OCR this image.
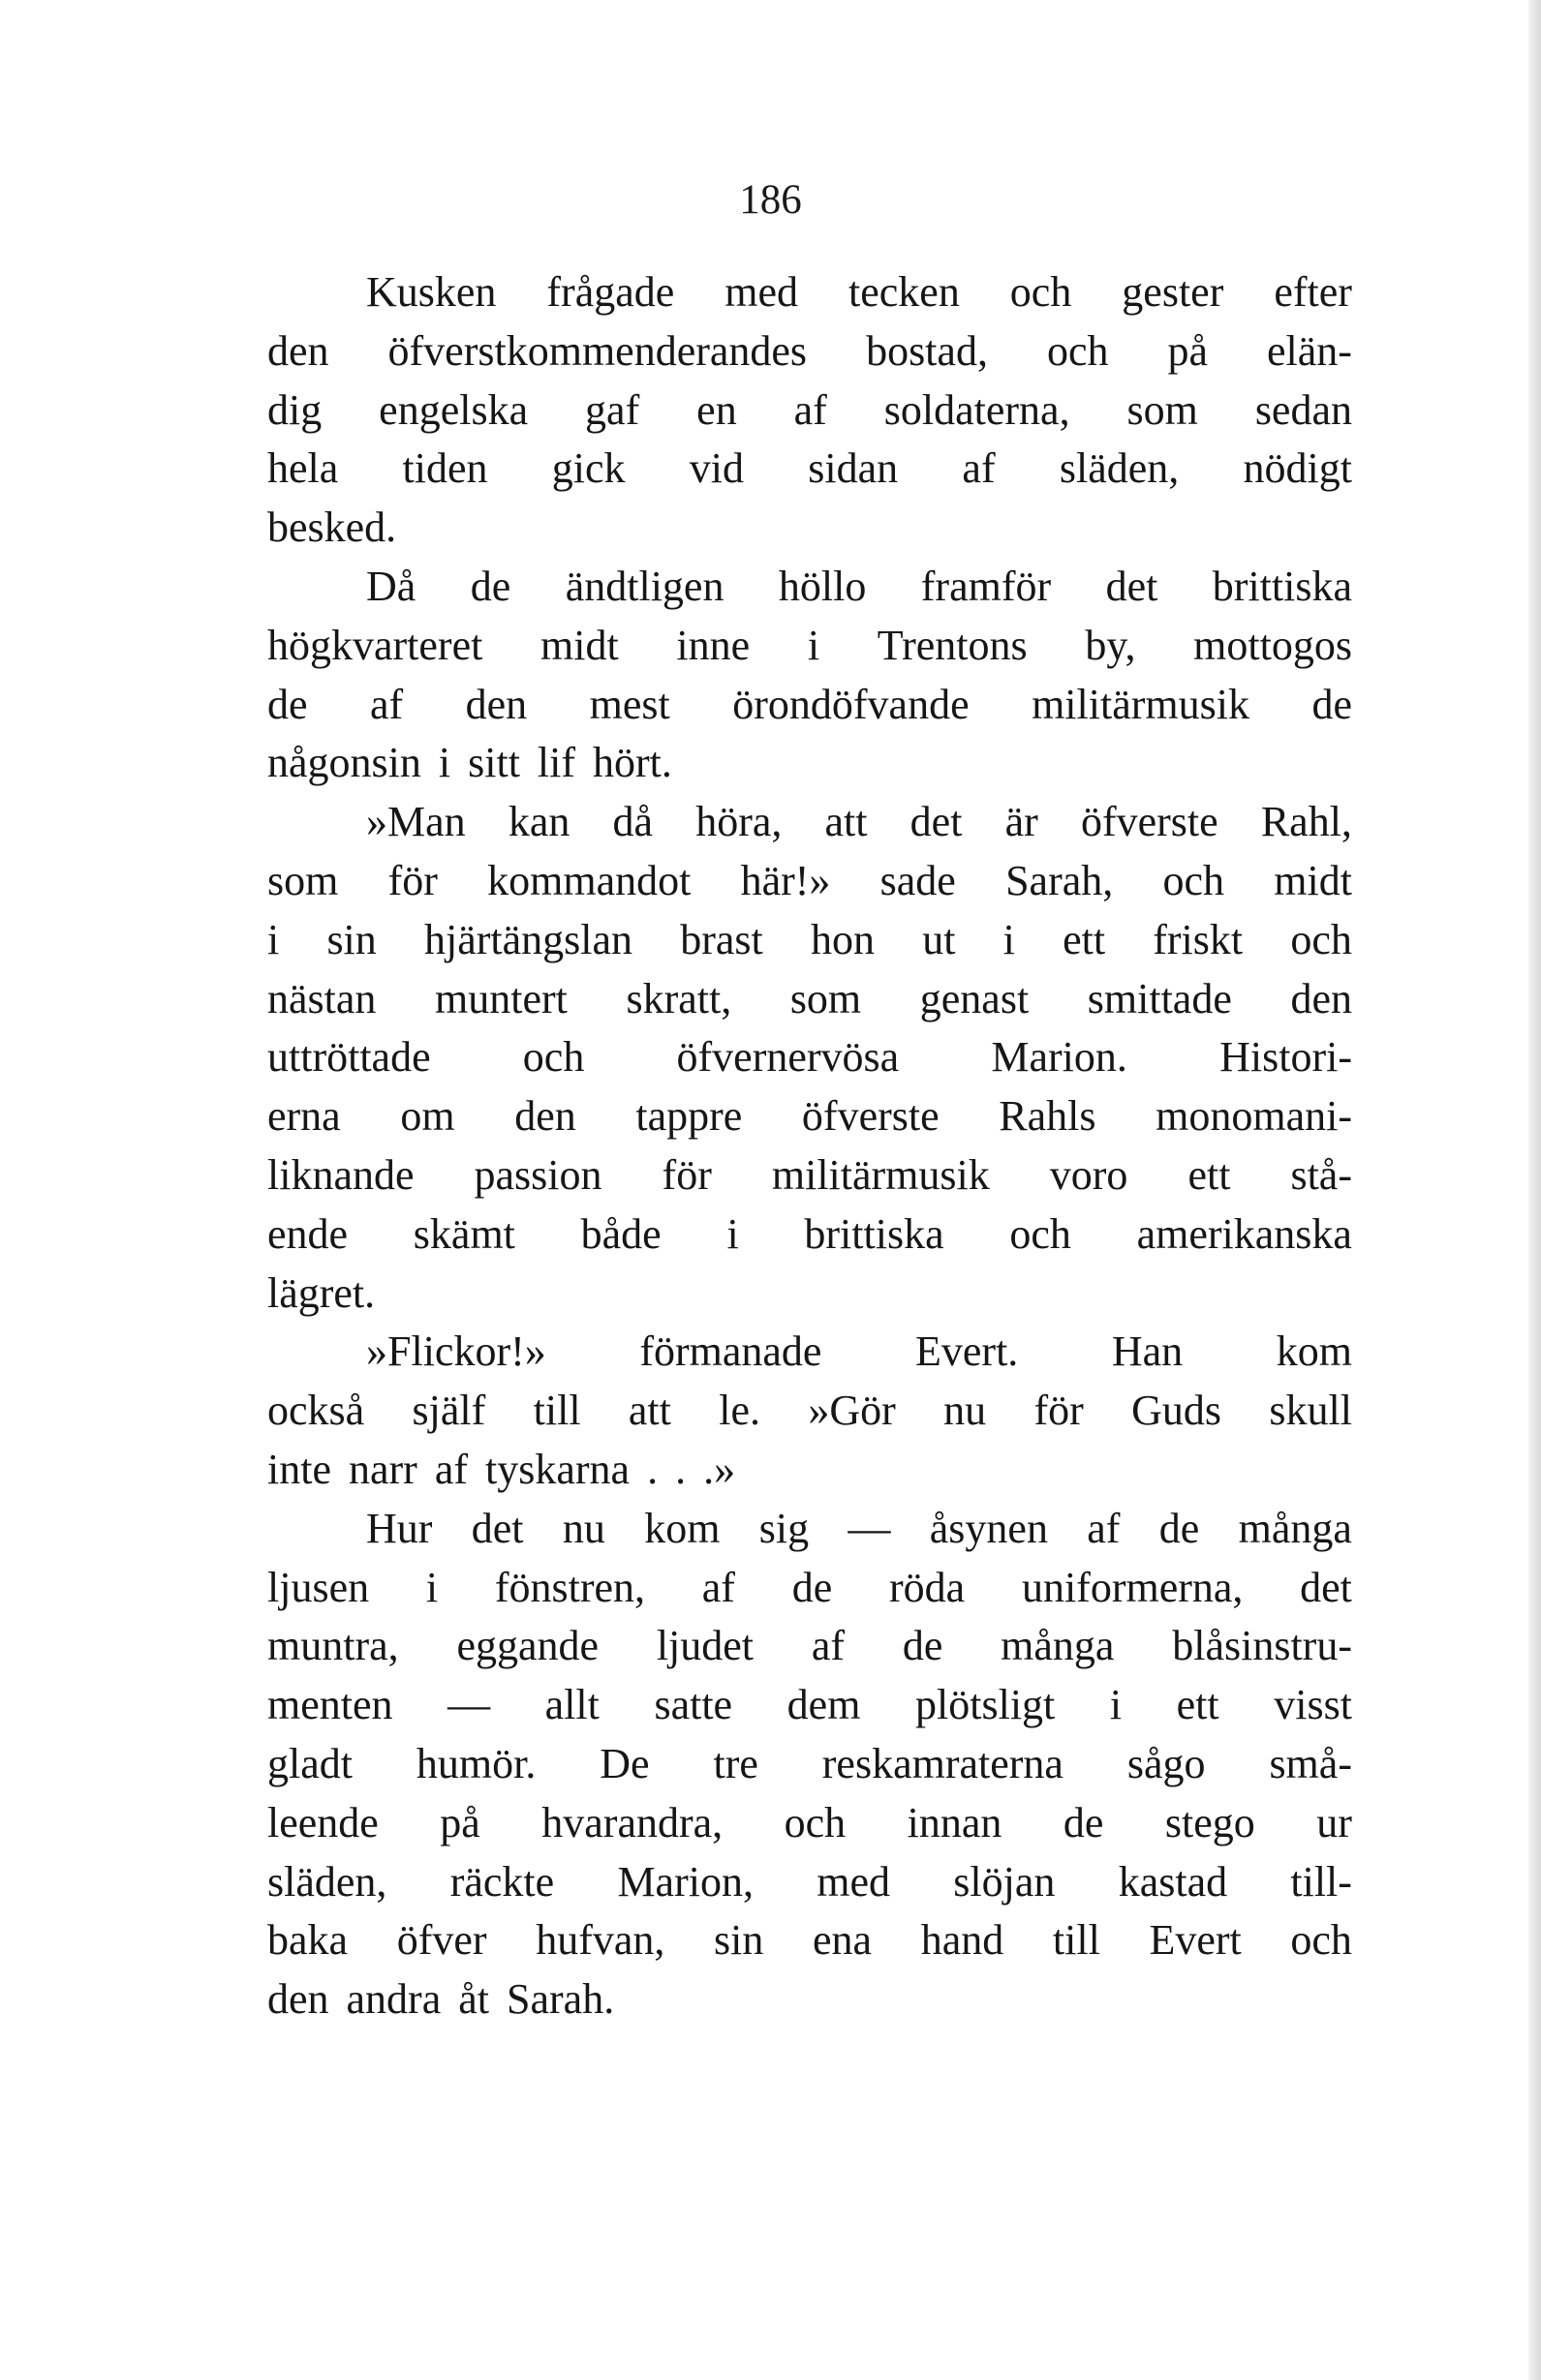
186
Kusken frågade med tecken och gester efter
den öfverstkommenderandes bostad, och på elän-
dig engelska gaf en af soldaterna, som sedan
hela tiden gick vid sidan af släden, nödigt
besked.
Då de ändtligen höllo framför det brittiska
högkvarteret midt inne i Trentons by, mottogos
de af den mest örondöfvande militärmusik de
någonsin i sitt lif hört.
»Man kan då höra, att det är öfverste Rahl,
som för kommandot här!» sade Sarah, och midt
i sin hjärtängslan brast hon ut i ett friskt och
nästan muntert skratt, som genast smittade den
uttröttade och öfvernervösa Marion. Histori-
erna om den tappre öfverste Rahls monomani-
liknande passion för militärmusik voro ett stå-
ende skämt både i brittiska och amerikanska
lägret.
»Flickor!» förmanade Evert. Han kom
också själf till att le. »Gör nu för Guds skull
inte narr af tyskarna . . .»
Hur det nu kom sig — åsynen af de många
ljusen i fönstren, af de röda uniformerna, det
muntra, eggande ljudet af de många blåsinstru-
menten — allt satte dem plötsligt i ett visst
gladt humör. De tre reskamraterna sågo små-
leende på hvarandra, och innan de stego ur
släden, räckte Marion, med slöjan kastad till-
baka öfver hufvan, sin ena hand till Evert och
den andra åt Sarah.
